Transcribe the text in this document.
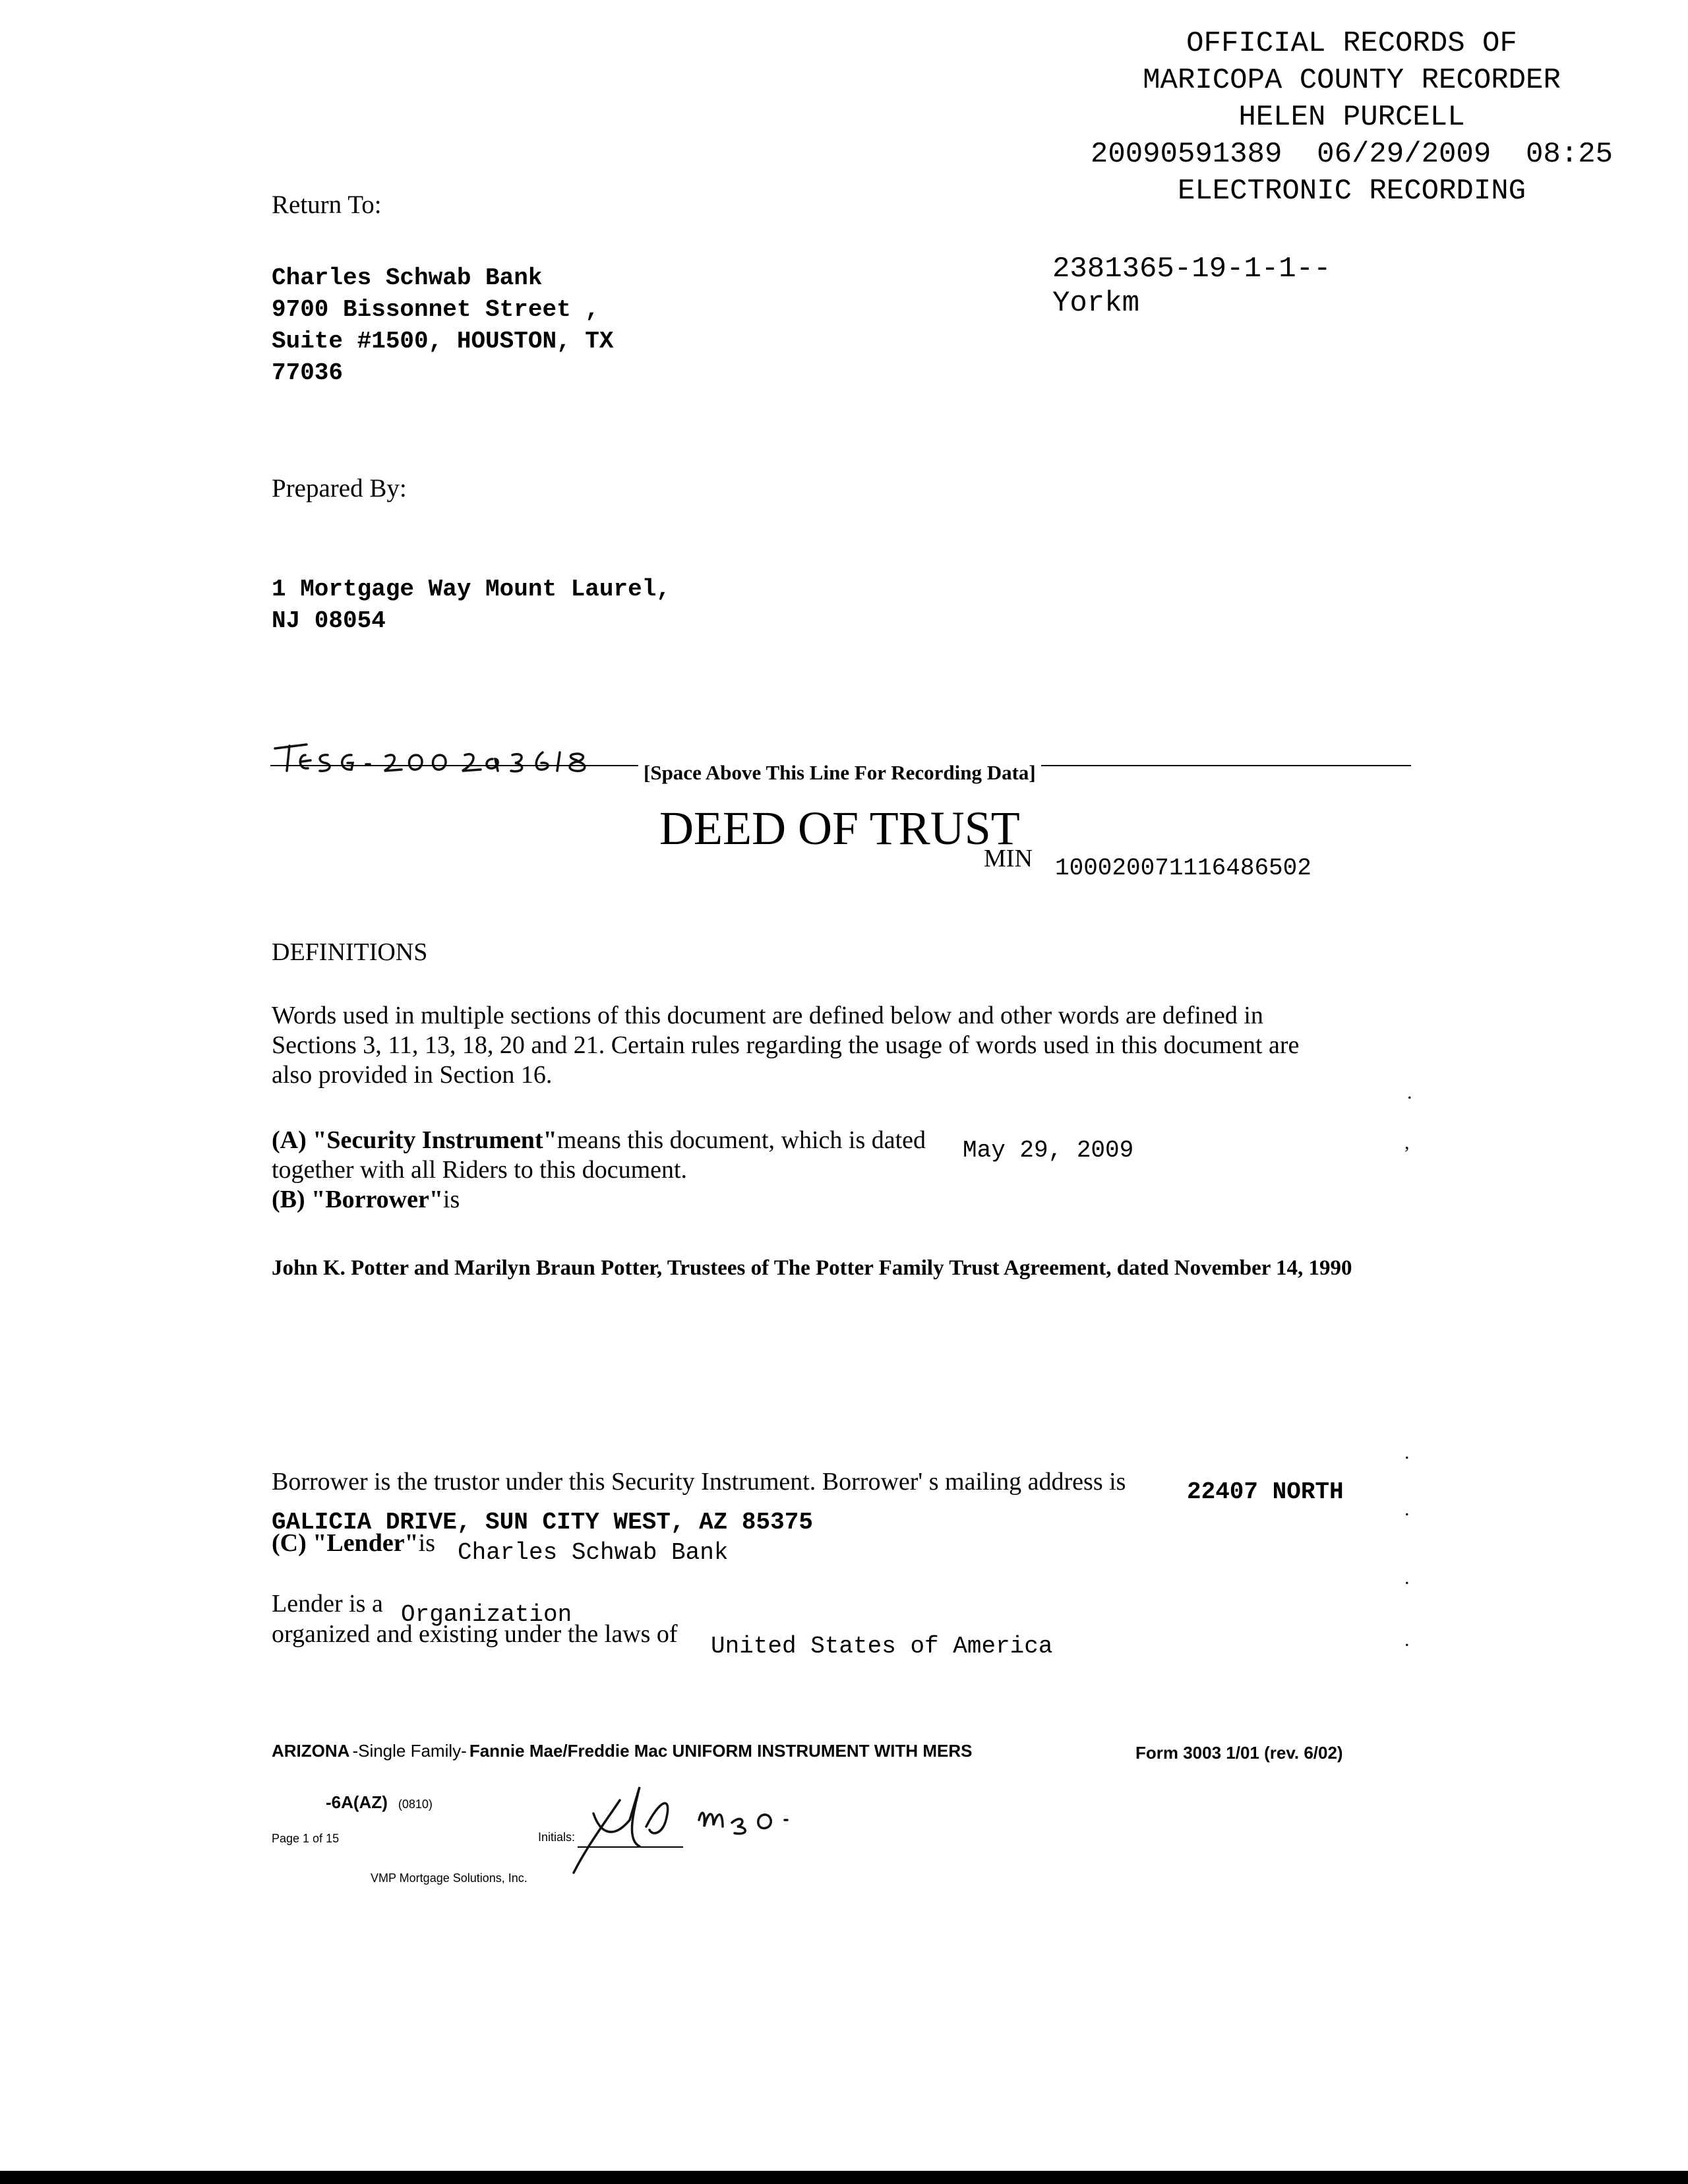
OFFICIAL RECORDS OF
MARICOPA COUNTY RECORDER
HELEN PURCELL
20090591389  06/29/2009  08:25
ELECTRONIC RECORDING
2381365-19-1-1--
Yorkm
Return To:
Charles Schwab Bank
9700 Bissonnet Street ,
Suite #1500, HOUSTON, TX
77036
Prepared By:
1 Mortgage Way Mount Laurel,
NJ 08054
[Space Above This Line For Recording Data]
DEED OF TRUST
MIN 100020071116486502
DEFINITIONS
Words used in multiple sections of this document are defined below and other words are defined in
Sections 3, 11, 13, 18, 20 and 21. Certain rules regarding the usage of words used in this document are
also provided in Section 16.
(A) "Security Instrument"means this document, which is dated May 29, 2009
together with all Riders to this document.
(B) "Borrower"is
John K. Potter and Marilyn Braun Potter, Trustees of The Potter Family Trust Agreement, dated November 14, 1990
Borrower is the trustor under this Security Instrument. Borrower' s mailing address is	22407 NORTH
GALICIA DRIVE, SUN CITY WEST, AZ 85375
(C) "Lender"is Charles Schwab Bank
Lender is a Organization
organized and existing under the laws of United States of America
.
,
.
.
.
.
ARIZONA -Single Family- Fannie Mae/Freddie Mac UNIFORM INSTRUMENT WITH MERS	Form 3003 1/01 (rev. 6/02)
-6A(AZ) (0810)
Page 1 of 15	Initials:
VMP Mortgage Solutions, Inc.
